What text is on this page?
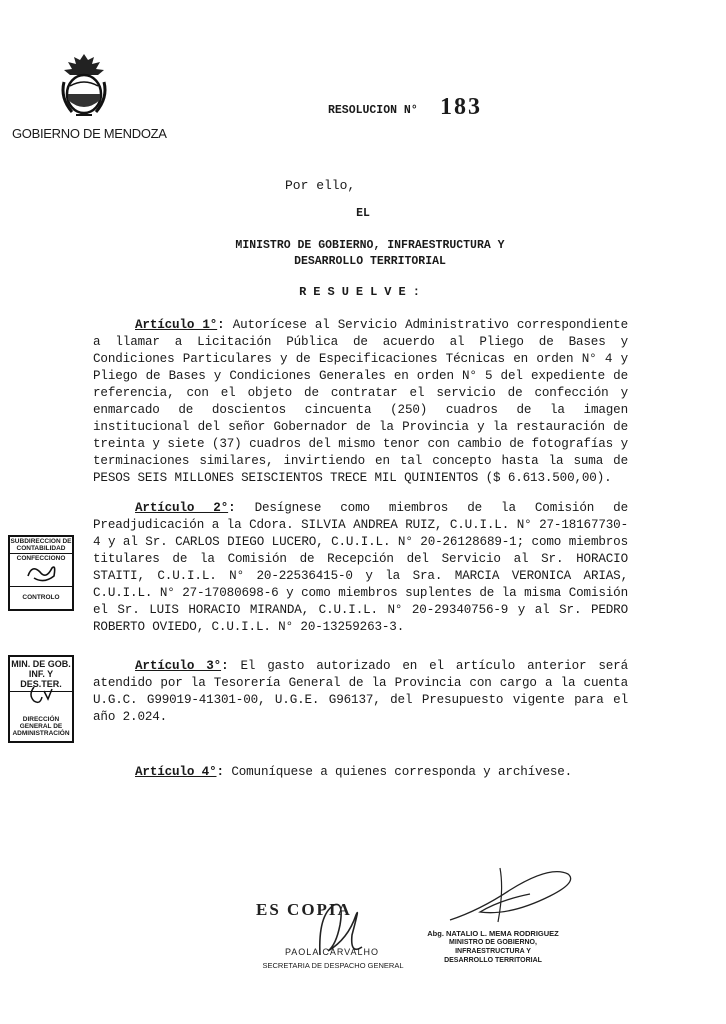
GOBIERNO DE MENDOZA
RESOLUCION N° 183
Por ello,
EL
MINISTRO DE GOBIERNO, INFRAESTRUCTURA Y
DESARROLLO TERRITORIAL
RESUELVE:
Artículo 1°: Autorícese al Servicio Administrativo correspondiente a llamar a Licitación Pública de acuerdo al Pliego de Bases y Condiciones Particulares y de Especificaciones Técnicas en orden N° 4 y Pliego de Bases y Condiciones Generales en orden N° 5 del expediente de referencia, con el objeto de contratar el servicio de confección y enmarcado de doscientos cincuenta (250) cuadros de la imagen institucional del señor Gobernador de la Provincia y la restauración de treinta y siete (37) cuadros del mismo tenor con cambio de fotografías y terminaciones similares, invirtiendo en tal concepto hasta la suma de PESOS SEIS MILLONES SEISCIENTOS TRECE MIL QUINIENTOS ($ 6.613.500,00).
Artículo 2°: Desígnese como miembros de la Comisión de Preadjudicación a la Cdora. SILVIA ANDREA RUIZ, C.U.I.L. N° 27-18167730-4 y al Sr. CARLOS DIEGO LUCERO, C.U.I.L. N° 20-26128689-1; como miembros titulares de la Comisión de Recepción del Servicio al Sr. HORACIO STAITI, C.U.I.L. N° 20-22536415-0 y la Sra. MARCIA VERONICA ARIAS, C.U.I.L. N° 27-17080698-6 y como miembros suplentes de la misma Comisión el Sr. LUIS HORACIO MIRANDA, C.U.I.L. N° 20-29340756-9 y al Sr. PEDRO ROBERTO OVIEDO, C.U.I.L. N° 20-13259263-3.
Artículo 3°: El gasto autorizado en el artículo anterior será atendido por la Tesorería General de la Provincia con cargo a la cuenta U.G.C. G99019-41301-00, U.G.E. G96137, del Presupuesto vigente para el año 2.024.
Artículo 4°: Comuníquese a quienes corresponda y archívese.
SUBDIRECCION DE
CONTABILIDAD
CONFECCIONO
CONTROLO
MIN. DE GOB.
INF. Y DES.TER.
DIRECCIÓN
GENERAL DE
ADMINISTRACIÓN
ES COPIA
PAOLA CARVALHO
SECRETARIA DE DESPACHO GENERAL
Abg. NATALIO L. MEMA RODRIGUEZ
MINISTRO DE GOBIERNO,
INFRAESTRUCTURA Y
DESARROLLO TERRITORIAL
